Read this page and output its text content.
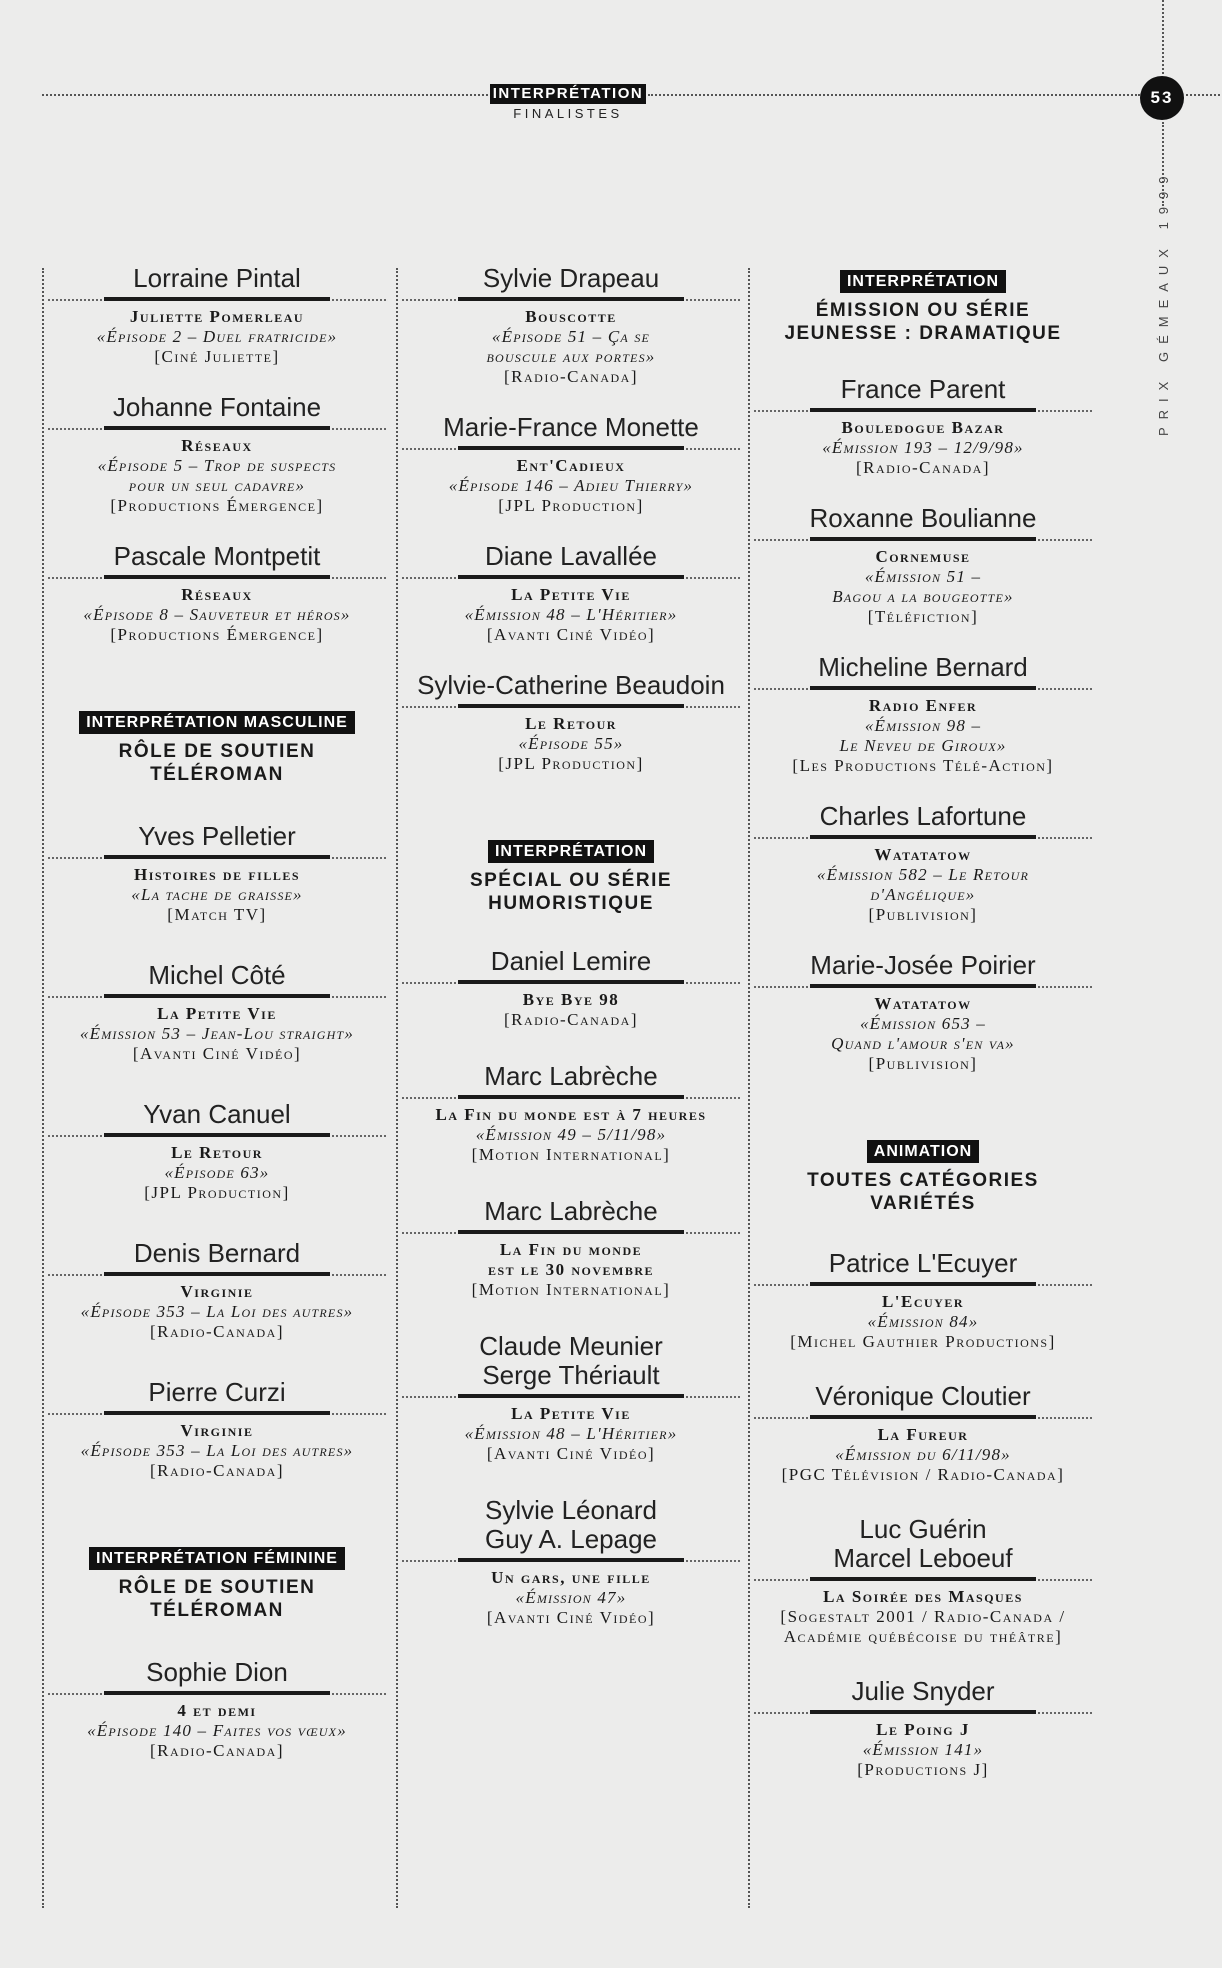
INTERPRÉTATION
FINALISTES
53
PRIX GÉMEAUX 1999
Lorraine Pintal
Juliette Pomerleau
«Épisode 2 – Duel fratricide»
[Ciné Juliette]
Johanne Fontaine
Réseaux
«Épisode 5 – Trop de suspects
pour un seul cadavre»
[Productions Émergence]
Pascale Montpetit
Réseaux
«Épisode 8 – Sauveteur et héros»
[Productions Émergence]
INTERPRÉTATION MASCULINE
RÔLE DE SOUTIEN
TÉLÉROMAN
Yves Pelletier
Histoires de filles
«La tache de graisse»
[Match TV]
Michel Côté
La Petite Vie
«Émission 53 – Jean-Lou straight»
[Avanti Ciné Vidéo]
Yvan Canuel
Le Retour
«Épisode 63»
[JPL Production]
Denis Bernard
Virginie
«Épisode 353 – La Loi des autres»
[Radio-Canada]
Pierre Curzi
Virginie
«Épisode 353 – La Loi des autres»
[Radio-Canada]
INTERPRÉTATION FÉMININE
RÔLE DE SOUTIEN
TÉLÉROMAN
Sophie Dion
4 et demi
«Épisode 140 – Faites vos vœux»
[Radio-Canada]
Sylvie Drapeau
Bouscotte
«Épisode 51 – Ça se
bouscule aux portes»
[Radio-Canada]
Marie-France Monette
Ent'Cadieux
«Épisode 146 – Adieu Thierry»
[JPL Production]
Diane Lavallée
La Petite Vie
«Émission 48 – L'Héritier»
[Avanti Ciné Vidéo]
Sylvie-Catherine Beaudoin
Le Retour
«Épisode 55»
[JPL Production]
INTERPRÉTATION
SPÉCIAL OU SÉRIE
HUMORISTIQUE
Daniel Lemire
Bye Bye 98
[Radio-Canada]
Marc Labrèche
La Fin du monde est à 7 heures
«Émission 49 – 5/11/98»
[Motion International]
Marc Labrèche
La Fin du monde
est le 30 novembre
[Motion International]
Claude Meunier
Serge Thériault
La Petite Vie
«Émission 48 – L'Héritier»
[Avanti Ciné Vidéo]
Sylvie Léonard
Guy A. Lepage
Un gars, une fille
«Émission 47»
[Avanti Ciné Vidéo]
INTERPRÉTATION
ÉMISSION OU SÉRIE
JEUNESSE : DRAMATIQUE
France Parent
Bouledogue Bazar
«Émission 193 – 12/9/98»
[Radio-Canada]
Roxanne Boulianne
Cornemuse
«Émission 51 –
Bagou a la bougeotte»
[Téléfiction]
Micheline Bernard
Radio Enfer
«Émission 98 –
Le Neveu de Giroux»
[Les Productions Télé-Action]
Charles Lafortune
Watatatow
«Émission 582 – Le Retour
d'Angélique»
[Publivision]
Marie-Josée Poirier
Watatatow
«Émission 653 –
Quand l'amour s'en va»
[Publivision]
ANIMATION
TOUTES CATÉGORIES VARIÉTÉS
Patrice L'Ecuyer
L'Ecuyer
«Émission 84»
[Michel Gauthier Productions]
Véronique Cloutier
La Fureur
«Émission du 6/11/98»
[PGC Télévision / Radio-Canada]
Luc Guérin
Marcel Leboeuf
La Soirée des Masques
[Sogestalt 2001 / Radio-Canada /
Académie québécoise du théâtre]
Julie Snyder
Le Poing J
«Émission 141»
[Productions J]
